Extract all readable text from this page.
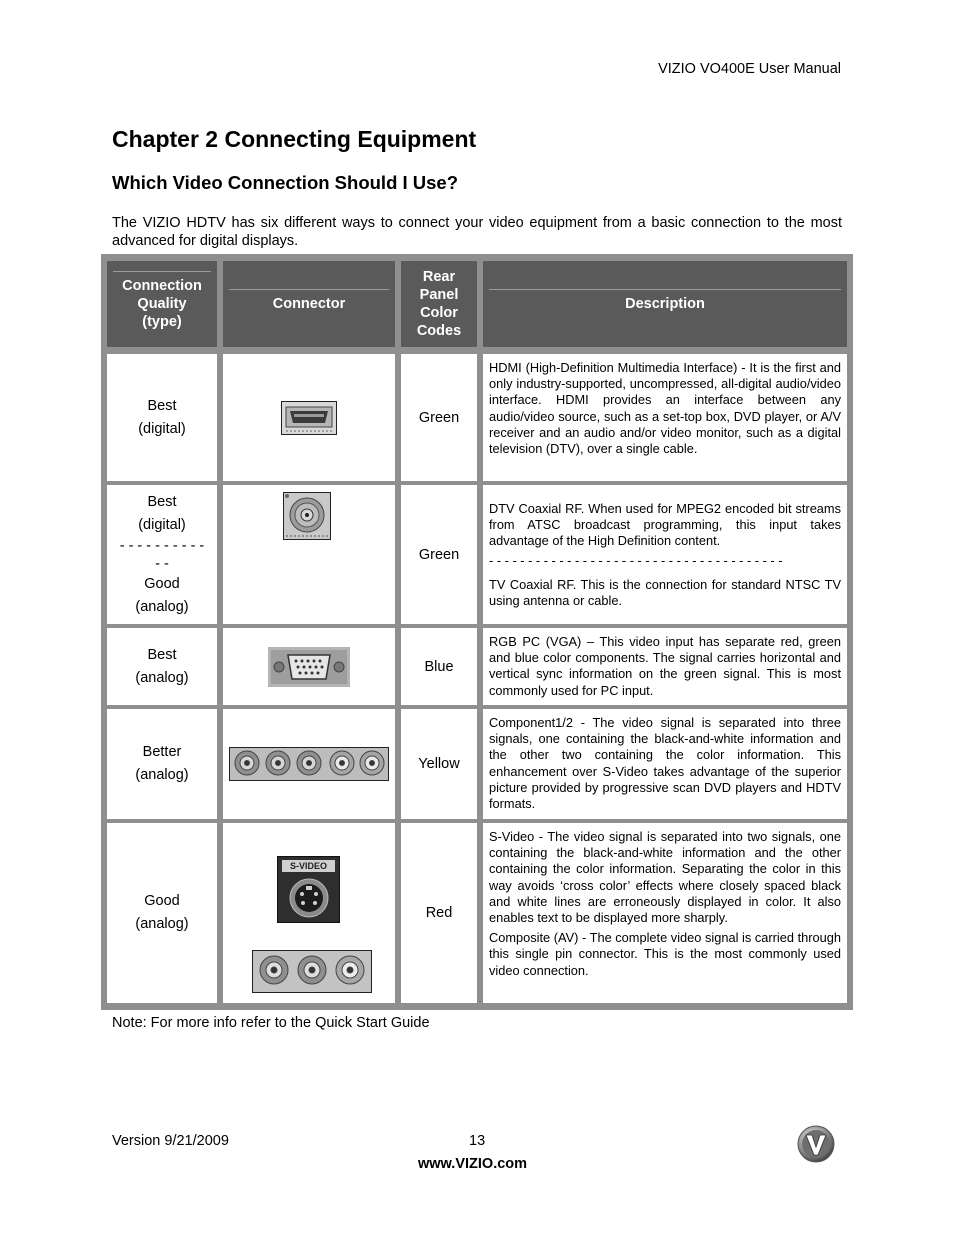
VIZIO VO400E User Manual
Chapter 2 Connecting Equipment
Which Video Connection Should I Use?

The VIZIO HDTV has six different ways to connect your video equipment from a basic connection to the most advanced for digital displays.

Connection Quality (type)
Connector
Rear Panel Color Codes
Description
Best
(digital)
Green

HDMI (High-Definition Multimedia Interface) - It is the first and only industry-supported, uncompressed, all-digital audio/video interface. HDMI provides an interface between any audio/video source, such as a set-top box, DVD player, or A/V receiver and an audio and/or video monitor, such as a digital television (DTV), over a single cable.

Best
(digital)
- - - - - - - - - -
- -
Good
(analog)
Green

DTV Coaxial RF. When used for MPEG2 encoded bit streams from ATSC broadcast programming, this input takes advantage of the High Definition content.

- - - - - - - - - - - - - - - - - - - - - - - - - - - - - - - - - - - - - -

TV Coaxial RF. This is the connection for standard NTSC TV using antenna or cable.

Best
(analog)
Blue

RGB PC (VGA) – This video input has separate red, green and blue color components. The signal carries horizontal and vertical sync information on the green signal. This is most commonly used for PC input.

Better
(analog)
Yellow

Component1/2 - The video signal is separated into three signals, one containing the black-and-white information and the other two containing the color information. This enhancement over S-Video takes advantage of the superior picture provided by progressive scan DVD players and HDTV formats.

Good
(analog)
S-VIDEO
Red

S-Video - The video signal is separated into two signals, one containing the black-and-white information and the other containing the color information. Separating the color in this way avoids ‘cross color’ effects where closely spaced black and white lines are erroneously displayed in color. It also enables text to be displayed more sharply.

Composite (AV) - The complete video signal is carried through this single pin connector. This is the most commonly used video connection.

Note: For more info refer to the Quick Start Guide
Version 9/21/2009	13
www.VIZIO.com
